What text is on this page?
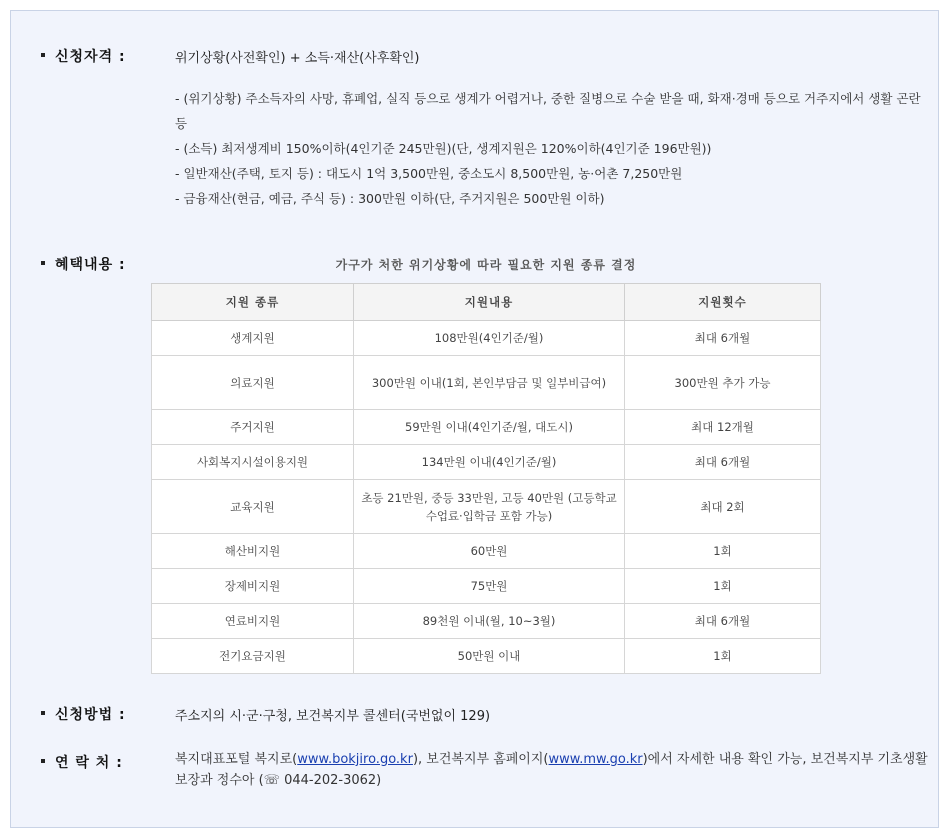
신청자격 :	위기상황(사전확인) + 소득·재산(사후확인)
- (위기상황) 주소득자의 사망, 휴폐업, 실직 등으로 생계가 어렵거나, 중한 질병으로 수술 받을 때, 화재·경매 등으로 거주지에서 생활 곤란 등
- (소득) 최저생계비 150%이하(4인기준 245만원)(단, 생계지원은 120%이하(4인기준 196만원))
- 일반재산(주택, 토지 등) : 대도시 1억 3,500만원, 중소도시 8,500만원, 농·어촌 7,250만원
- 금융재산(현금, 예금, 주식 등) : 300만원 이하(단, 주거지원은 500만원 이하)
혜택내용 :	가구가 처한 위기상황에 따라 필요한 지원 종류 결정
지원 종류	지원내용	지원횟수
생계지원	108만원(4인기준/월)	최대 6개월
의료지원	300만원 이내(1회, 본인부담금 및 일부비급여)	300만원 추가 가능
주거지원	59만원 이내(4인기준/월, 대도시)	최대 12개월
사회복지시설이용지원	134만원 이내(4인기준/월)	최대 6개월
교육지원	초등 21만원, 중등 33만원, 고등 40만원 (고등학교 수업료·입학금 포함 가능)	최대 2회
해산비지원	60만원	1회
장제비지원	75만원	1회
연료비지원	89천원 이내(월, 10~3월)	최대 6개월
전기요금지원	50만원 이내	1회
신청방법 :	주소지의 시·군·구청, 보건복지부 콜센터(국번없이 129)
연 락 처 :	복지대표포털 복지로(www.bokjiro.go.kr), 보건복지부 홈페이지(www.mw.go.kr)에서 자세한 내용 확인 가능, 보건복지부 기초생활보장과 정수아 (☏ 044-202-3062)
